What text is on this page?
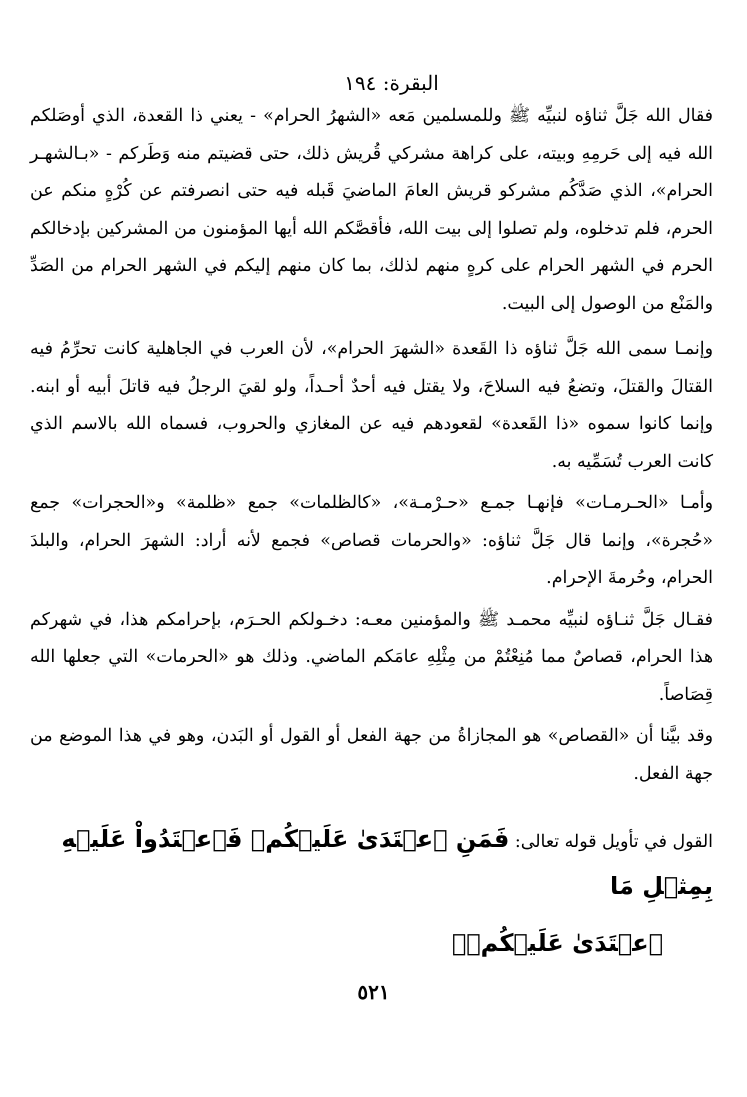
البقرة: ١٩٤

فقال الله جَلَّ ثناؤه لنبيِّه ﷺ وللمسلمين مَعه «الشهرُ الحرام» - يعني ذا القعدة، الذي أوصَلكم الله فيه إلى حَرمِهِ وبيته، على كراهة مشركي قُريش ذلك، حتى قضيتم منه وَطَركم - «بـالشهـر الحرام»، الذي صَدَّكُم مشركو قريش العامَ الماضيَ قَبله فيه حتى انصرفتم عن كُرْهٍ منكم عن الحرم، فلم تدخلوه، ولم تصلوا إلى بيت الله، فأقصَّكم الله أيها المؤمنون من المشركين بإدخالكم الحرم في الشهر الحرام على كرهٍ منهم لذلك، بما كان منهم إليكم في الشهر الحرام من الصَدِّ والمَنْع من الوصول إلى البيت.

وإنمـا سمى الله جَلَّ ثناؤه ذا القَعدة «الشهرَ الحرام»، لأن العرب في الجاهلية كانت تحرِّمُ فيه القتالَ والقتلَ، وتضعُ فيه السلاحَ، ولا يقتل فيه أحدٌ أحـداً، ولو لقيَ الرجلُ فيه قاتلَ أبيه أو ابنه. وإنما كانوا سموه «ذا القَعدة» لقعودهم فيه عن المغازي والحروب، فسماه الله بالاسم الذي كانت العرب تُسَمِّيه به.

وأمـا «الحـرمـات» فإنهـا جمـع «حـرْمـة»، «كالظلمات» جمع «ظلمة» و«الحجرات» جمع «حُجرة»، وإنما قال جَلَّ ثناؤه: «والحرمات قصاص» فجمع لأنه أراد: الشهرَ الحرام، والبلدَ الحرام، وحُرمةَ الإحرام.

فقـال جَلَّ ثنـاؤه لنبيِّه محمـد ﷺ والمؤمنين معـه: دخـولكم الحـرَم، بإحرامكم هذا، في شهركم هذا الحرام، قصاصٌ مما مُنِعْتُمْ من مِثْلِهِ عامَكم الماضي. وذلك هو «الحرمات» التي جعلها الله قِصَاصاً.

وقد بيَّنا أن «القصاص» هو المجازاةُ من جهة الفعل أو القول أو البَدن، وهو في هذا الموضع من جهة الفعل.

القول في تأويل قوله تعالى: فَمَنِ ٱعۡتَدَىٰ عَلَيۡكُمۡ فَٱعۡتَدُواْ عَلَيۡهِ بِمِثۡلِ مَا
ٱعۡتَدَىٰ عَلَيۡكُمۡۚ
٥٢١
